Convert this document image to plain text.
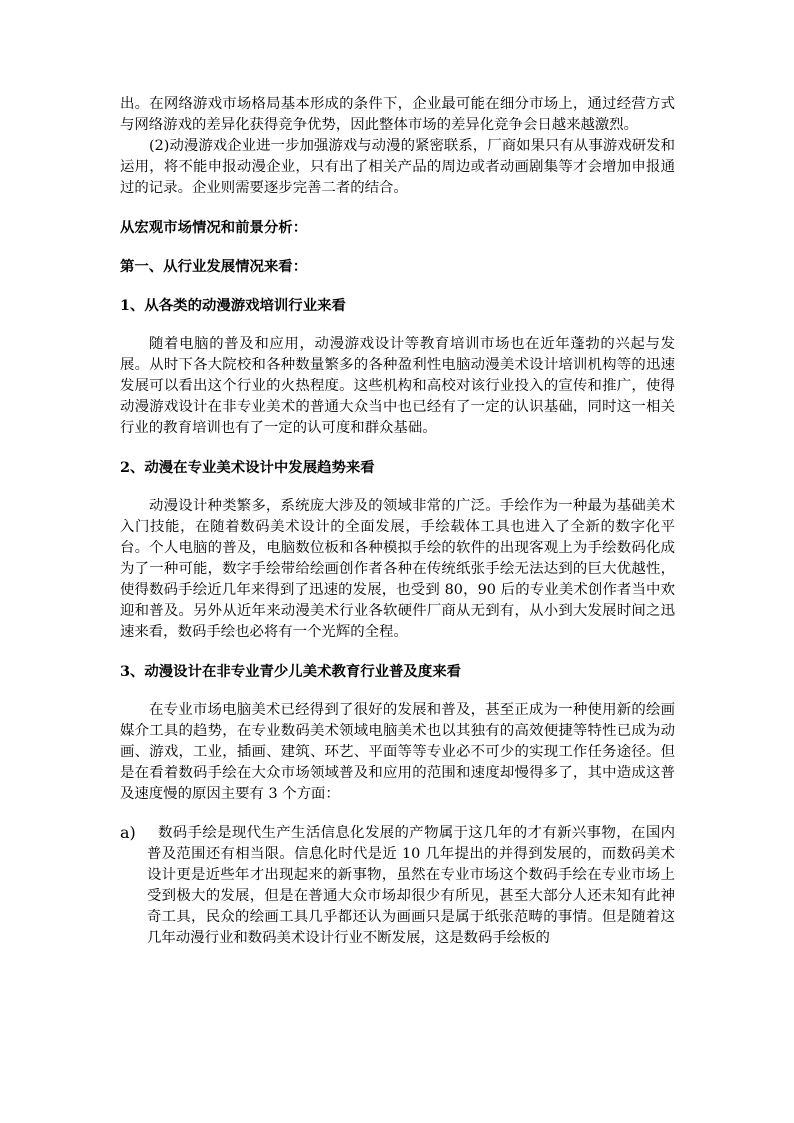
出。在网络游戏市场格局基本形成的条件下，企业最可能在细分市场上，通过经营方式与网络游戏的差异化获得竞争优势，因此整体市场的差异化竞争会日越来越激烈。

(2)动漫游戏企业进一步加强游戏与动漫的紧密联系，厂商如果只有从事游戏研发和运用，将不能申报动漫企业，只有出了相关产品的周边或者动画剧集等才会增加申报通过的记录。企业则需要逐步完善二者的结合。

从宏观市场情况和前景分析：
第一、从行业发展情况来看：
1、从各类的动漫游戏培训行业来看

随着电脑的普及和应用，动漫游戏设计等教育培训市场也在近年蓬勃的兴起与发展。从时下各大院校和各种数量繁多的各种盈利性电脑动漫美术设计培训机构等的迅速发展可以看出这个行业的火热程度。这些机构和高校对该行业投入的宣传和推广，使得动漫游戏设计在非专业美术的普通大众当中也已经有了一定的认识基础，同时这一相关行业的教育培训也有了一定的认可度和群众基础。

2、动漫在专业美术设计中发展趋势来看

动漫设计种类繁多，系统庞大涉及的领域非常的广泛。手绘作为一种最为基础美术入门技能，在随着数码美术设计的全面发展，手绘载体工具也进入了全新的数字化平台。个人电脑的普及，电脑数位板和各种模拟手绘的软件的出现客观上为手绘数码化成为了一种可能，数字手绘带给绘画创作者各种在传统纸张手绘无法达到的巨大优越性，使得数码手绘近几年来得到了迅速的发展，也受到 80，90 后的专业美术创作者当中欢迎和普及。另外从近年来动漫美术行业各软硬件厂商从无到有，从小到大发展时间之迅速来看，数码手绘也必将有一个光辉的全程。

3、动漫设计在非专业青少儿美术教育行业普及度来看

在专业市场电脑美术已经得到了很好的发展和普及，甚至正成为一种使用新的绘画媒介工具的趋势，在专业数码美术领域电脑美术也以其独有的高效便捷等特性已成为动画、游戏，工业，插画、建筑、环艺、平面等等专业必不可少的实现工作任务途径。但是在看着数码手绘在大众市场领域普及和应用的范围和速度却慢得多了，其中造成这普及速度慢的原因主要有 3 个方面：

a)	数码手绘是现代生产生活信息化发展的产物属于这几年的才有新兴事物，在国内普及范围还有相当限。信息化时代是近 10 几年提出的并得到发展的，而数码美术设计更是近些年才出现起来的新事物，虽然在专业市场这个数码手绘在专业市场上受到极大的发展，但是在普通大众市场却很少有所见，甚至大部分人还未知有此神奇工具，民众的绘画工具几乎都还认为画画只是属于纸张范畴的事情。但是随着这几年动漫行业和数码美术设计行业不断发展，这是数码手绘板的
